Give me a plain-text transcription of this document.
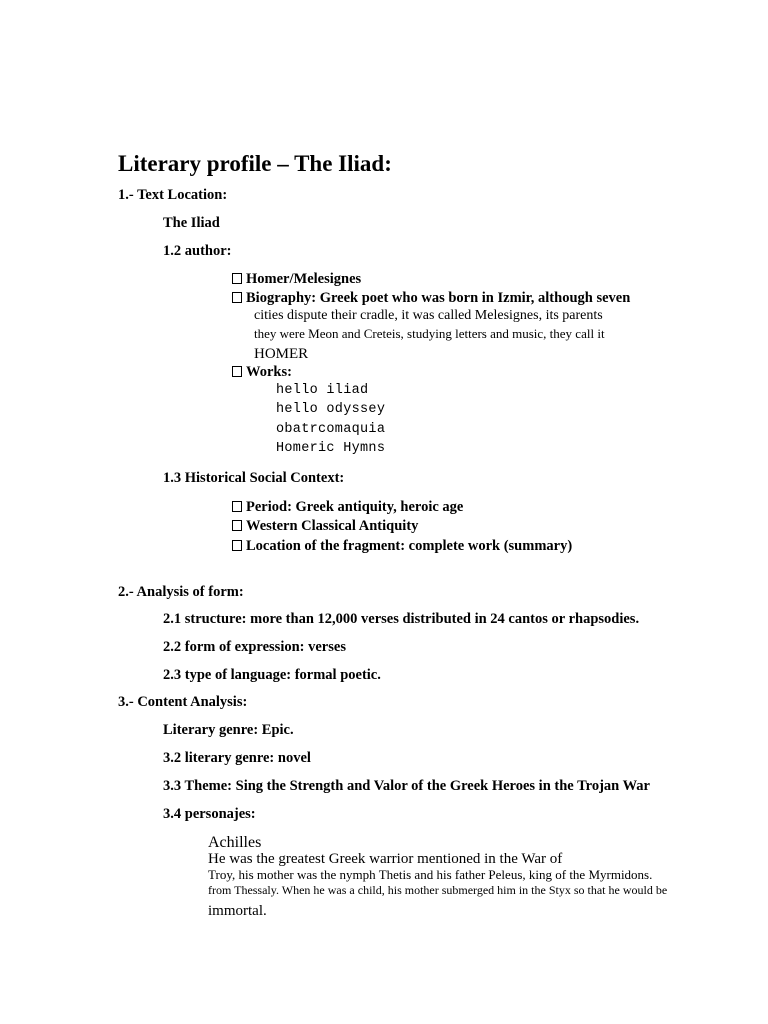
Literary profile – The Iliad:
1.- Text Location:
The Iliad
1.2 author:
Homer/Melesignes
Biography: Greek poet who was born in Izmir, although seven
cities dispute their cradle, it was called Melesignes, its parents
they were Meon and Creteis, studying letters and music, they call it
HOMER
Works:
hello iliad
hello odyssey
obatrcomaquia
Homeric Hymns
1.3 Historical Social Context:
Period: Greek antiquity, heroic age
Western Classical Antiquity
Location of the fragment: complete work (summary)
2.- Analysis of form:
2.1 structure: more than 12,000 verses distributed in 24 cantos or rhapsodies.
2.2 form of expression: verses
2.3 type of language: formal poetic.
3.- Content Analysis:
Literary genre: Epic.
3.2 literary genre: novel
3.3 Theme: Sing the Strength and Valor of the Greek Heroes in the Trojan War
3.4 personajes:
Achilles
He was the greatest Greek warrior mentioned in the War of
Troy, his mother was the nymph Thetis and his father Peleus, king of the Myrmidons.
from Thessaly. When he was a child, his mother submerged him in the Styx so that he would be
immortal.
